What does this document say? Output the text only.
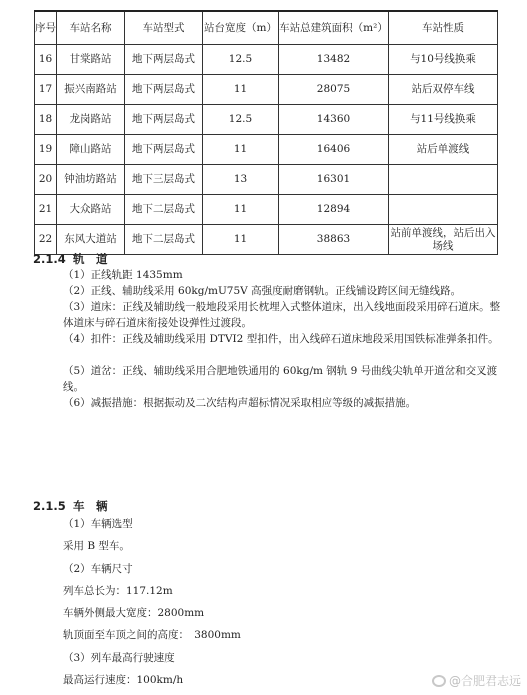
序号	车站名称	车站型式	站台宽度（m）	车站总建筑面积（m²）	车站性质
16	甘棠路站	地下两层岛式	12.5	13482	与10号线换乘
17	振兴南路站	地下两层岛式	11	28075	站后双停车线
18	龙岗路站	地下两层岛式	12.5	14360	与11号线换乘
19	障山路站	地下两层岛式	11	16406	站后单渡线
20	钟油坊路站	地下三层岛式	13	16301	
21	大众路站	地下二层岛式	11	12894	
22	东风大道站	地下二层岛式	11	38863	站前单渡线，站后出入场线
2.1.4 轨　道
（1）正线轨距 1435mm
（2）正线、辅助线采用 60kg/mU75V 高强度耐磨钢轨。正线铺设跨区间无缝线路。
（3）道床：正线及辅助线一般地段采用长枕埋入式整体道床，出入线地面段采用碎石道床。整体道床与碎石道床衔接处设弹性过渡段。
（4）扣件：正线及辅助线采用 DTVI2 型扣件，出入线碎石道床地段采用国铁标准弹条扣件。
（5）道岔：正线、辅助线采用合肥地铁通用的 60kg/m 钢轨 9 号曲线尖轨单开道岔和交叉渡线。
（6）减振措施：根据振动及二次结构声超标情况采取相应等级的减振措施。
2.1.5 车　辆
（1）车辆选型
采用 B 型车。
（2）车辆尺寸
列车总长为：117.12m
车辆外侧最大宽度：2800mm
轨顶面至车顶之间的高度：　3800mm
（3）列车最高行驶速度
最高运行速度：100km/h	@合肥君志远
